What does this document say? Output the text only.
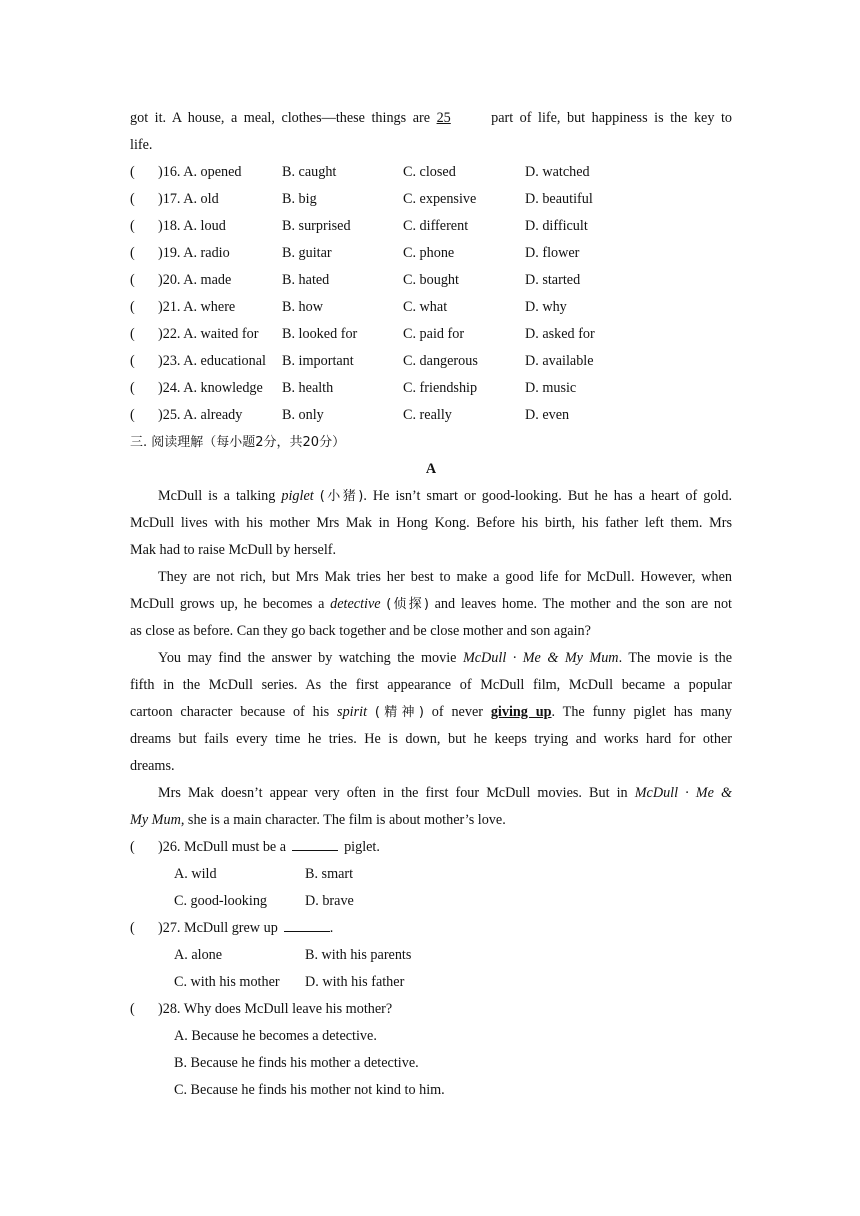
got it. A house, a meal, clothes—these things are 25	part of life, but happiness is the key to
life.
( )16. A. opened	B. caught	C. closed	D. watched
( )17. A. old	B. big	C. expensive	D. beautiful
( )18. A. loud	B. surprised	C. different	D. difficult
( )19. A. radio	B. guitar	C. phone	D. flower
( )20. A. made	B. hated	C. bought	D. started
( )21. A. where	B. how	C. what	D. why
( )22. A. waited for B. looked for	C. paid for	D. asked for
( )23. A. educational B. important	C. dangerous	D. available
( )24. A. knowledge B. health	C. friendship	D. music
( )25. A. already	B. only	C. really	D. even
三. 阅读理解（每小题2分，共20分）
A
McDull is a talking piglet (小猪). He isn’t smart or good-looking. But he has a heart of gold.
McDull lives with his mother Mrs Mak in Hong Kong. Before his birth, his father left them. Mrs
Mak had to raise McDull by herself.
They are not rich, but Mrs Mak tries her best to make a good life for McDull. However, when
McDull grows up, he becomes a detective (侦探) and leaves home. The mother and the son are not
as close as before. Can they go back together and be close mother and son again?
You may find the answer by watching the movie McDull · Me & My Mum. The movie is the
fifth in the McDull series. As the first appearance of McDull film, McDull became a popular
cartoon character because of his spirit (精神) of never giving up. The funny piglet has many
dreams but fails every time he tries. He is down, but he keeps trying and works hard for other
dreams.
Mrs Mak doesn’t appear very often in the first four McDull movies. But in McDull · Me &
My Mum, she is a main character. The film is about mother’s love.
( )26. McDull must be a	piglet.
A. wild	B. smart
C. good-looking	D. brave
( )27. McDull grew up	.
A. alone	B. with his parents
C. with his mother D. with his father
( )28. Why does McDull leave his mother?
A. Because he becomes a detective.
B. Because he finds his mother a detective.
C. Because he finds his mother not kind to him.
